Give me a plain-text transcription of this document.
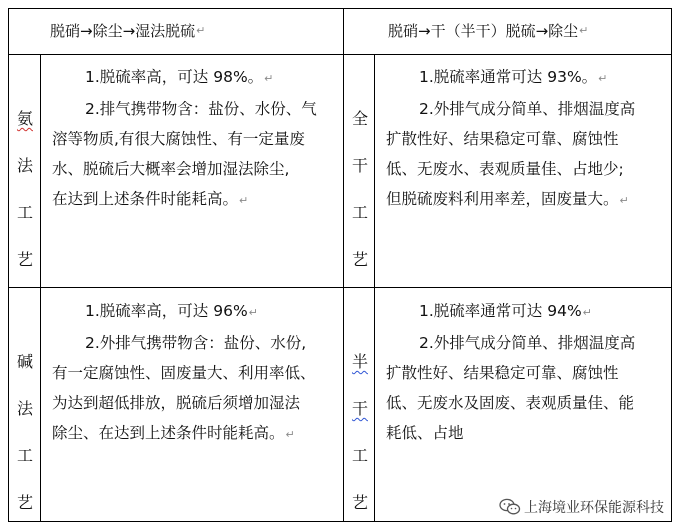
脱硝→除尘→湿法脱硫 ↵	脱硝→干（半干）脱硫→除尘 ↵
氨
法
工
艺
全
干
工
艺

1.脱硫率高，可达 98%。↵

2.排气携带物含：盐份、水份、气

溶等物质,有很大腐蚀性、有一定量废

水、脱硫后大概率会增加湿法除尘,

在达到上述条件时能耗高。↵

1.脱硫率通常可达 93%。↵

2.外排气成分简单、排烟温度高

扩散性好、结果稳定可靠、腐蚀性

低、无废水、表观质量佳、占地少;

但脱硫废料利用率差，固废量大。↵

碱
法
工
艺
半
干
工
艺

1.脱硫率高，可达 96%↵

2.外排气携带物含：盐份、水份,

有一定腐蚀性、固废量大、利用率低、

为达到超低排放，脱硫后须增加湿法

除尘、在达到上述条件时能耗高。↵

1.脱硫率通常可达 94%↵

2.外排气成分简单、排烟温度高

扩散性好、结果稳定可靠、腐蚀性

低、无废水及固废、表观质量佳、能

耗低、占地

上海境业环保能源科技
